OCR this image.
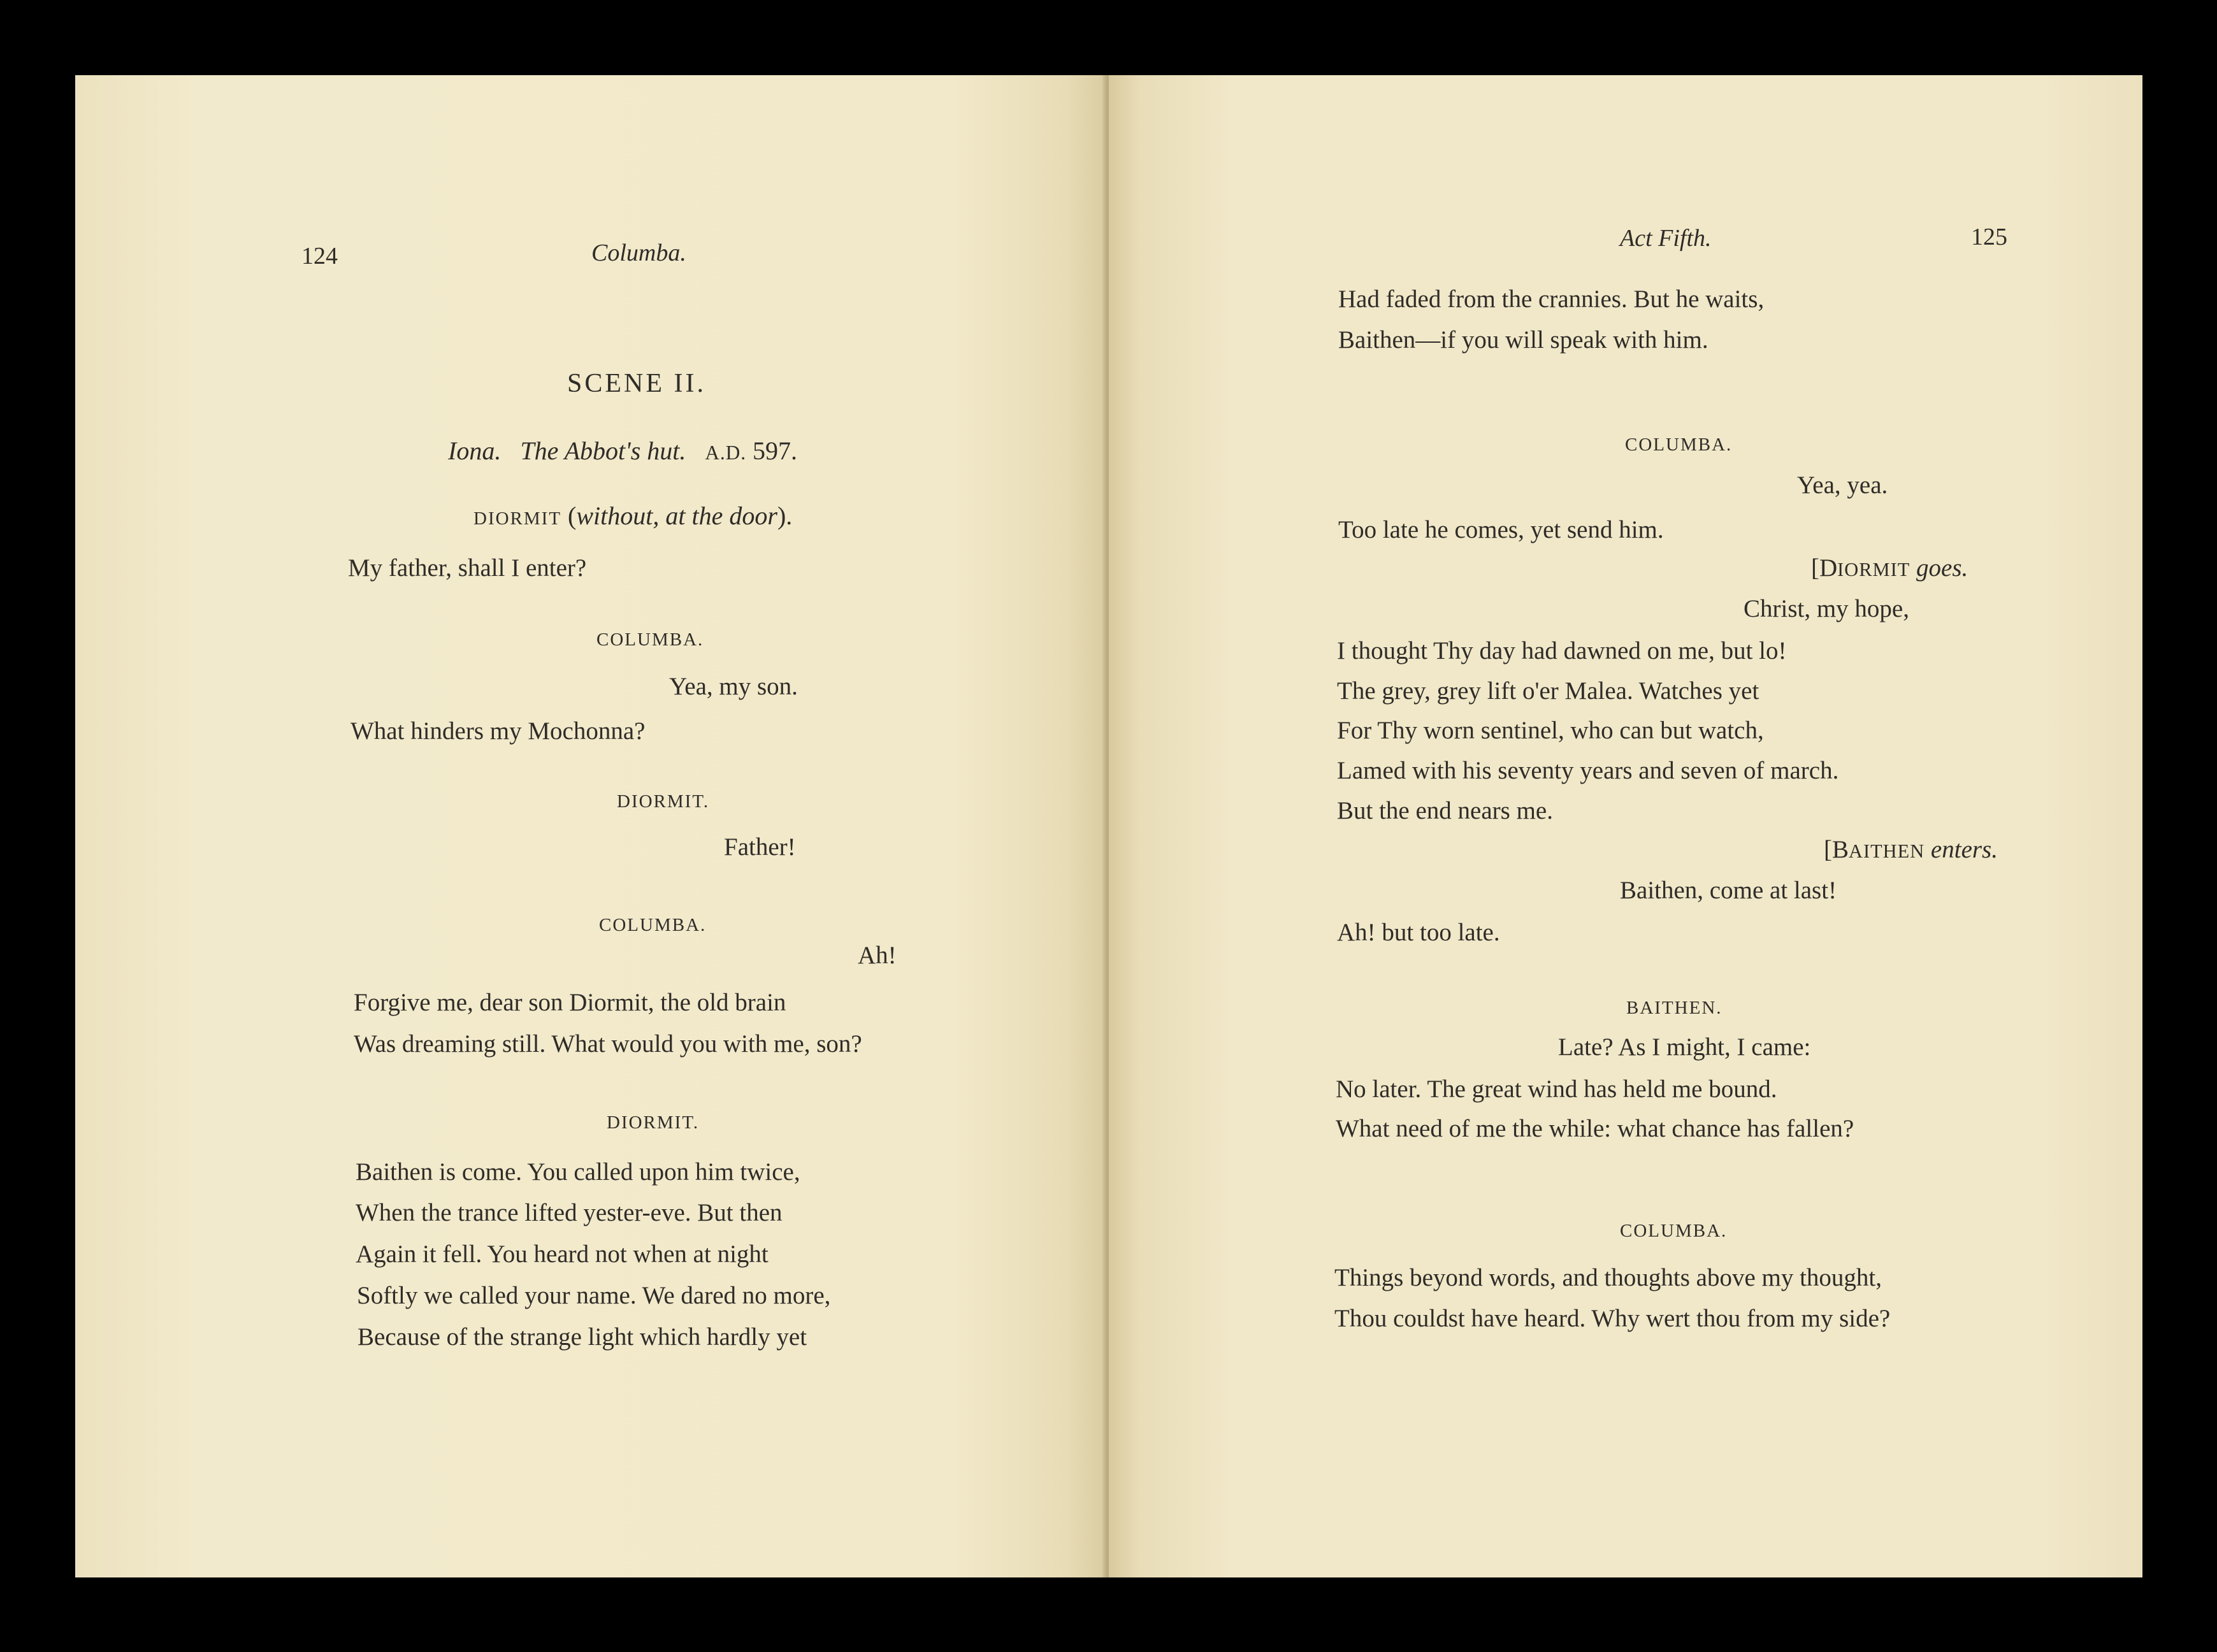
124	Columba.
SCENE II.
Iona. The Abbot's hut. A.D. 597.
DIORMIT (without, at the door).
My father, shall I enter?
COLUMBA.
Yea, my son.
What hinders my Mochonna?
DIORMIT.
Father!
COLUMBA.
Ah!
Forgive me, dear son Diormit, the old brain
Was dreaming still. What would you with me, son?
DIORMIT.
Baithen is come. You called upon him twice,
When the trance lifted yester-eve. But then
Again it fell. You heard not when at night
Softly we called your name. We dared no more,
Because of the strange light which hardly yet
Act Fifth.	125
Had faded from the crannies. But he waits,
Baithen—if you will speak with him.
COLUMBA.
Yea, yea.
Too late he comes, yet send him.
[DIORMIT goes.
Christ, my hope,
I thought Thy day had dawned on me, but lo!
The grey, grey lift o'er Malea. Watches yet
For Thy worn sentinel, who can but watch,
Lamed with his seventy years and seven of march.
But the end nears me.
[BAITHEN enters.
Baithen, come at last!
Ah! but too late.
BAITHEN.
Late? As I might, I came:
No later. The great wind has held me bound.
What need of me the while: what chance has fallen?
COLUMBA.
Things beyond words, and thoughts above my thought,
Thou couldst have heard. Why wert thou from my side?
